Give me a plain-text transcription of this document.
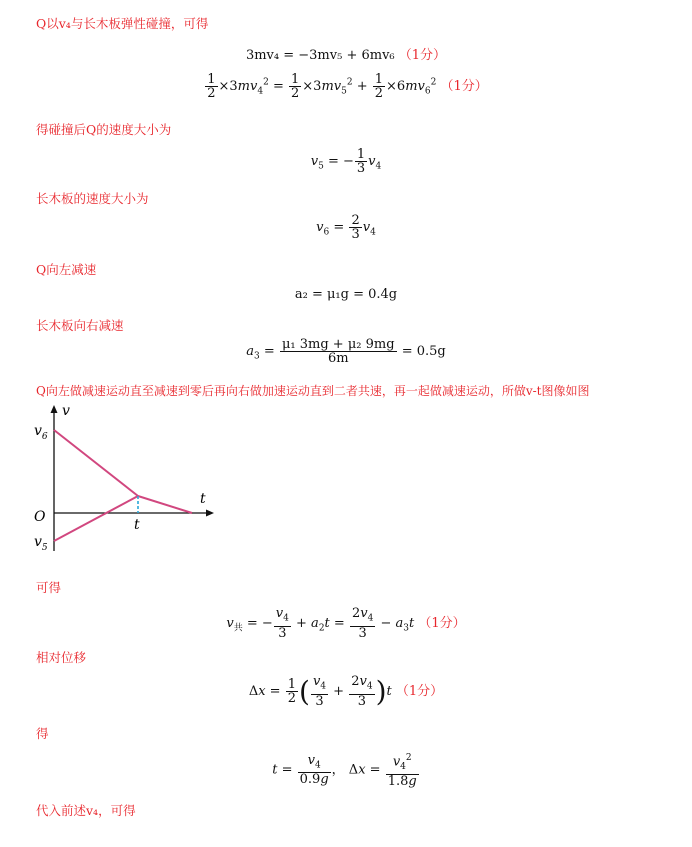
Q以v₄与长木板弹性碰撞，可得
3mv₄ = −3mv₅ + 6mv₆ （1分）
$\frac{1}{2} \times 3mv_4^2 = \frac{1}{2} \times 3mv_5^2 + \frac{1}{2} \times 6mv_6^2$ （1分）
得碰撞后Q的速度大小为
$v_5$ = − $\frac{1}{3} v_4$
长木板的速度大小为
$v_6 = \frac{2}{3} v_4$
Q向左减速
a₂ = μ₁g = 0.4g
长木板向右减速
$a_3 = \frac{\text{μ₁ 3mg + μ₂ 9mg}}{6m} = 0.5g$
Q向左做减速运动直至减速到零后再向右做加速运动直到二者共速，再一起做减速运动，所做v-t图像如图
v
$v_6$
O
$v_5$
t
t
可得
$v_共$ = − $\frac{v_4}{3} + a_2t = \frac{2v_4}{3} - a_3t$ （1分）
相对位移
$\Delta x = \frac{1}{2}$ ( $\frac{v_4}{3} + \frac{2v_4}{3} )t$ （1分）
得
$t = \frac{v_4}{0.9g}$ ， $\Delta x = \frac{v_4^2}{1.8g}$
代入前述v₄，可得
